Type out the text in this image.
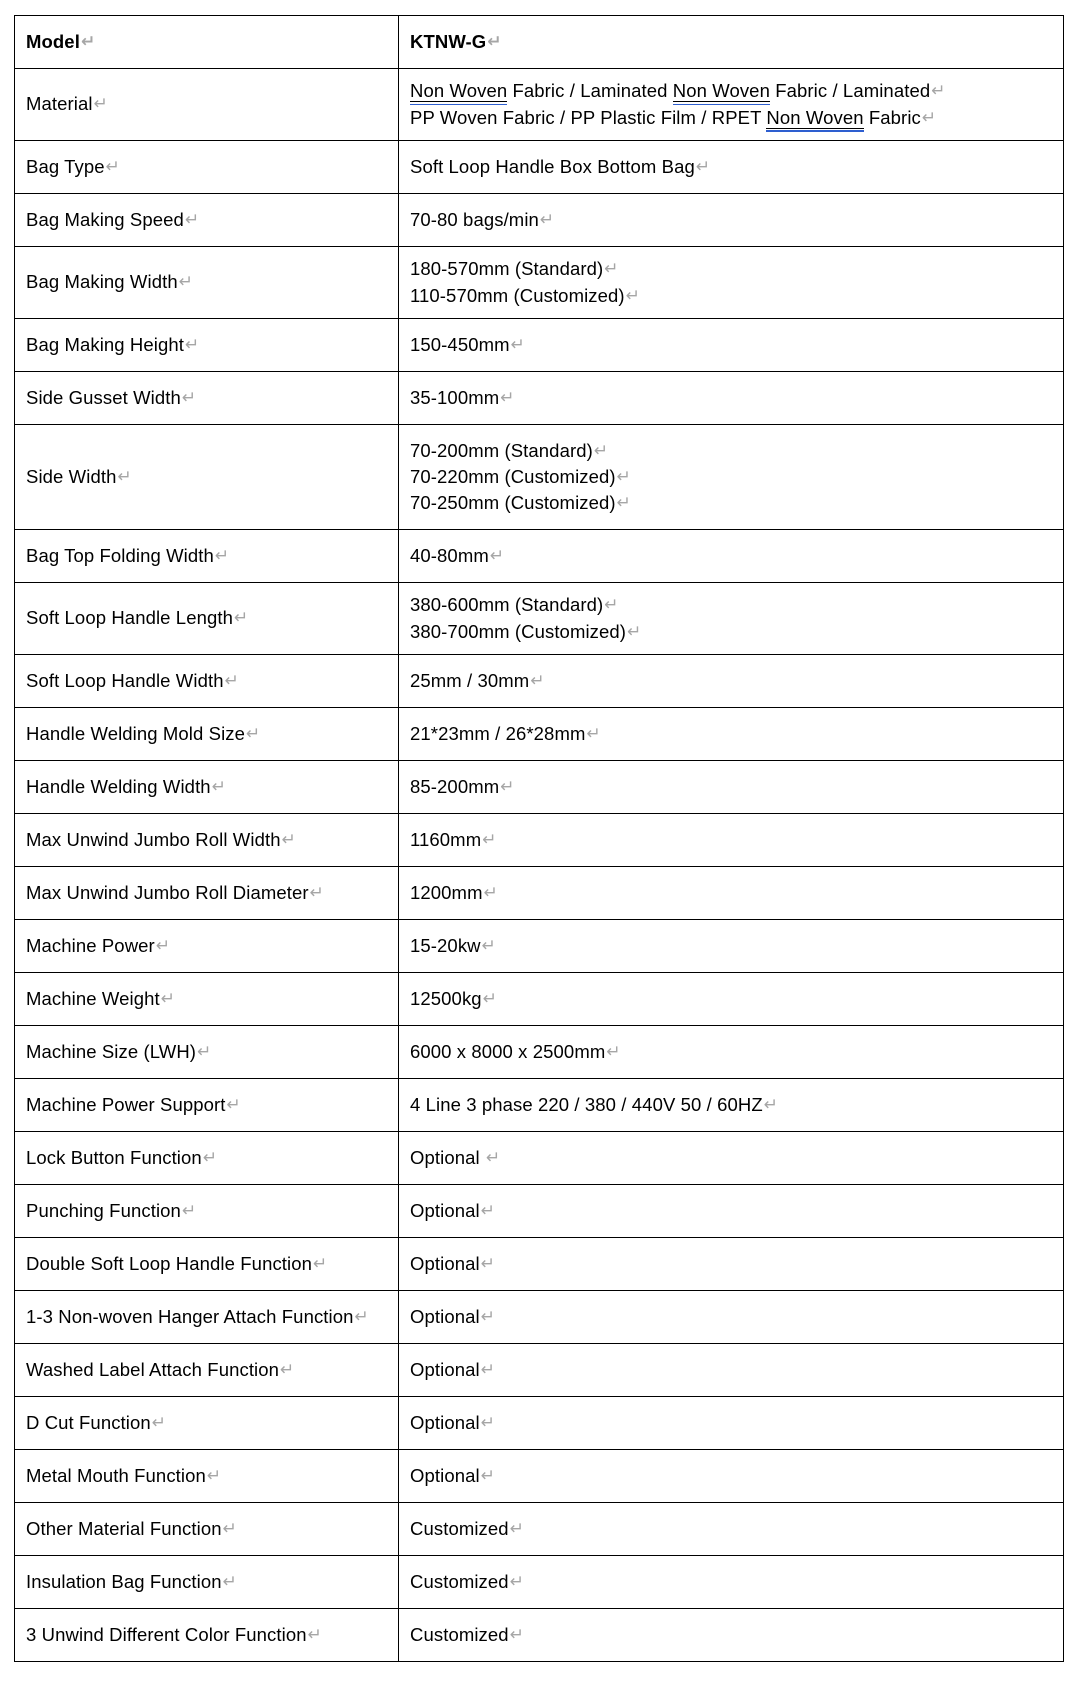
Model↵	KTNW-G↵

Material↵	Non Woven Fabric / Laminated Non Woven Fabric / Laminated↵
PP Woven Fabric / PP Plastic Film / RPET Non Woven Fabric↵

Bag Type↵	Soft Loop Handle Box Bottom Bag↵

Bag Making Speed↵	70-80 bags/min↵

Bag Making Width↵	180-570mm (Standard)↵
110-570mm (Customized)↵

Bag Making Height↵	150-450mm↵

Side Gusset Width↵	35-100mm↵

Side Width↵	70-200mm (Standard)↵
70-220mm (Customized)↵
70-250mm (Customized)↵

Bag Top Folding Width↵	40-80mm↵

Soft Loop Handle Length↵	380-600mm (Standard)↵
380-700mm (Customized)↵

Soft Loop Handle Width↵	25mm / 30mm↵

Handle Welding Mold Size↵	21*23mm / 26*28mm↵

Handle Welding Width↵	85-200mm↵

Max Unwind Jumbo Roll Width↵	1160mm↵

Max Unwind Jumbo Roll Diameter↵	1200mm↵

Machine Power↵	15-20kw↵

Machine Weight↵	12500kg↵

Machine Size (LWH)↵	6000 x 8000 x 2500mm↵

Machine Power Support↵	4 Line 3 phase 220 / 380 / 440V 50 / 60HZ↵

Lock Button Function↵	Optional ↵

Punching Function↵	Optional↵

Double Soft Loop Handle Function↵	Optional↵

1-3 Non-woven Hanger Attach Function↵	Optional↵

Washed Label Attach Function↵	Optional↵

D Cut Function↵	Optional↵

Metal Mouth Function↵	Optional↵

Other Material Function↵	Customized↵

Insulation Bag Function↵	Customized↵

3 Unwind Different Color Function↵	Customized↵
